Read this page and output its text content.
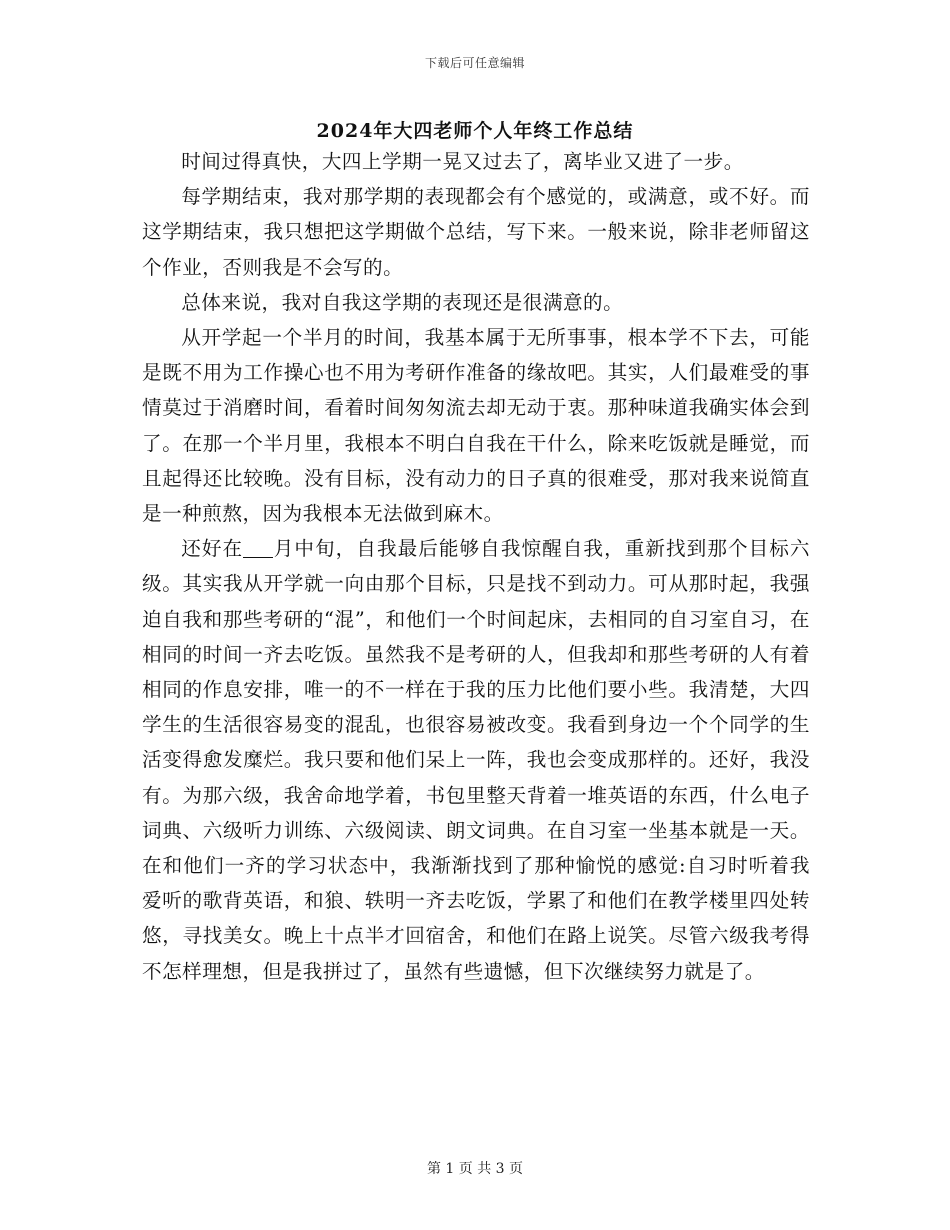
下载后可任意编辑
2024年大四老师个人年终工作总结

时间过得真快，大四上学期一晃又过去了，离毕业又进了一步。

每学期结束，我对那学期的表现都会有个感觉的，或满意，或不好。而这学期结束，我只想把这学期做个总结，写下来。一般来说，除非老师留这个作业，否则我是不会写的。

总体来说，我对自我这学期的表现还是很满意的。

从开学起一个半月的时间，我基本属于无所事事，根本学不下去，可能是既不用为工作操心也不用为考研作准备的缘故吧。其实，人们最难受的事情莫过于消磨时间，看着时间匆匆流去却无动于衷。那种味道我确实体会到了。在那一个半月里，我根本不明白自我在干什么，除来吃饭就是睡觉，而且起得还比较晚。没有目标，没有动力的日子真的很难受，那对我来说简直是一种煎熬，因为我根本无法做到麻木。

还好在 月中旬，自我最后能够自我惊醒自我，重新找到那个目标六级。其实我从开学就一向由那个目标，只是找不到动力。可从那时起，我强迫自我和那些考研的“混”，和他们一个时间起床，去相同的自习室自习，在相同的时间一齐去吃饭。虽然我不是考研的人，但我却和那些考研的人有着相同的作息安排，唯一的不一样在于我的压力比他们要小些。我清楚，大四学生的生活很容易变的混乱，也很容易被改变。我看到身边一个个同学的生活变得愈发糜烂。我只要和他们呆上一阵，我也会变成那样的。还好，我没有。为那六级，我舍命地学着，书包里整天背着一堆英语的东西，什么电子词典、六级听力训练、六级阅读、朗文词典。在自习室一坐基本就是一天。在和他们一齐的学习状态中，我渐渐找到了那种愉悦的感觉:自习时听着我爱听的歌背英语，和狼、轶明一齐去吃饭，学累了和他们在教学楼里四处转悠，寻找美女。晚上十点半才回宿舍，和他们在路上说笑。尽管六级我考得不怎样理想，但是我拼过了，虽然有些遗憾，但下次继续努力就是了。

第 1 页 共 3 页
